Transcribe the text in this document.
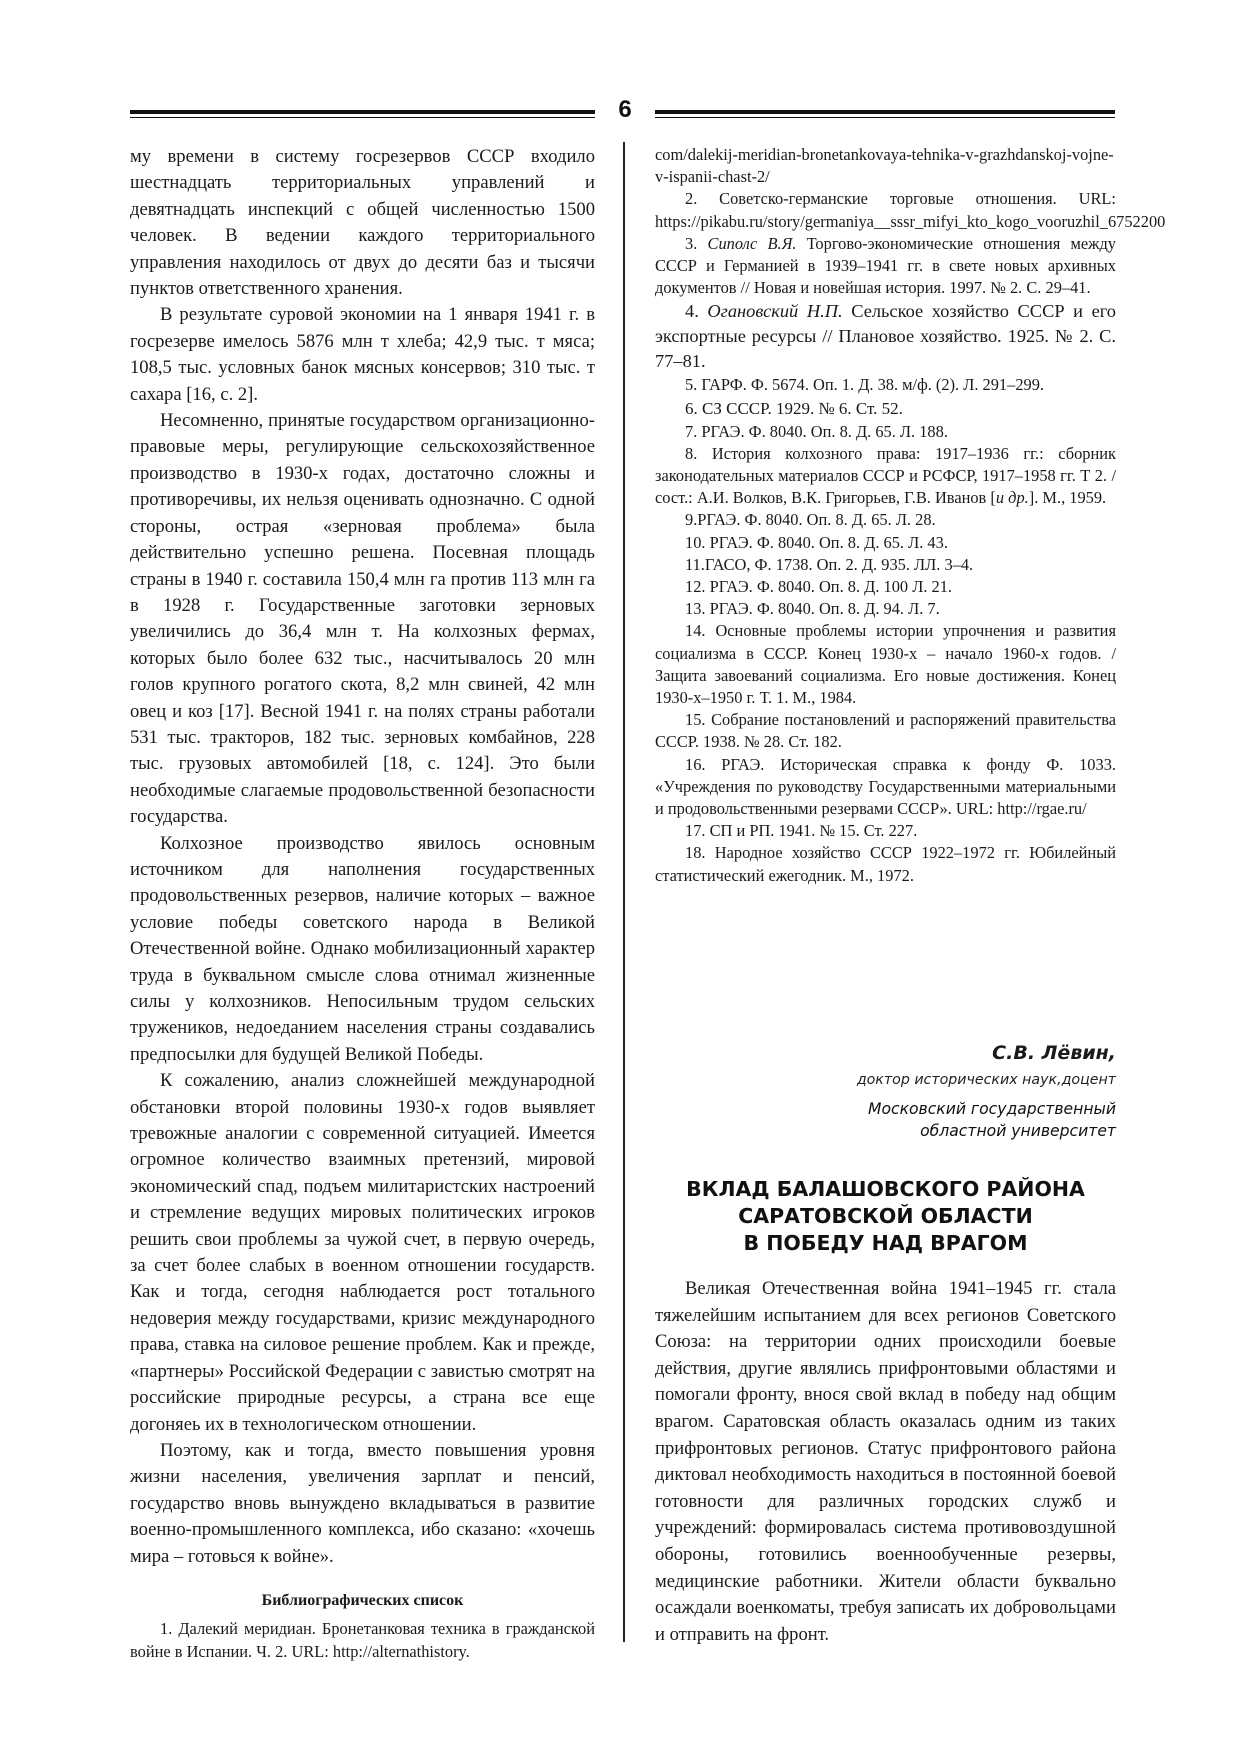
6

му времени в систему госрезервов СССР входило шестнадцать территориальных управлений и девятнадцать инспекций с общей численностью 1500 человек. В ведении каждого территориального управления находилось от двух до десяти баз и тысячи пунктов ответственного хранения.

В результате суровой экономии на 1 января 1941 г. в госрезерве имелось 5876 млн т хлеба; 42,9 тыс. т мяса; 108,5 тыс. условных банок мясных консервов; 310 тыс. т сахара [16, с. 2].

Несомненно, принятые государством организационно-правовые меры, регулирующие сельскохозяйственное производство в 1930-х годах, достаточно сложны и противоречивы, их нельзя оценивать однозначно. С одной стороны, острая «зерновая проблема» была действительно успешно решена. Посевная площадь страны в 1940 г. составила 150,4 млн га против 113 млн га в 1928 г. Государственные заготовки зерновых увеличились до 36,4 млн т. На колхозных фермах, которых было более 632 тыс., насчитывалось 20 млн голов крупного рогатого скота, 8,2 млн свиней, 42 млн овец и коз [17]. Весной 1941 г. на полях страны работали 531 тыс. тракторов, 182 тыс. зерновых комбайнов, 228 тыс. грузовых автомобилей [18, с. 124]. Это были необходимые слагаемые продовольственной безопасности государства.

Колхозное производство явилось основным источником для наполнения государственных продовольственных резервов, наличие которых – важное условие победы советского народа в Великой Отечественной войне. Однако мобилизационный характер труда в буквальном смысле слова отнимал жизненные силы у колхозников. Непосильным трудом сельских тружеников, недоеданием населения страны создавались предпосылки для будущей Великой Победы.

К сожалению, анализ сложнейшей международной обстановки второй половины 1930-х годов выявляет тревожные аналогии с современной ситуацией. Имеется огромное количество взаимных претензий, мировой экономический спад, подъем милитаристских настроений и стремление ведущих мировых политических игроков решить свои проблемы за чужой счет, в первую очередь, за счет более слабых в военном отношении государств. Как и тогда, сегодня наблюдается рост тотального недоверия между государствами, кризис международного права, ставка на силовое решение проблем. Как и прежде, «партнеры» Российской Федерации с завистью смотрят на российские природные ресурсы, а страна все еще догоняеь их в технологическом отношении.

Поэтому, как и тогда, вместо повышения уровня жизни населения, увеличения зарплат и пенсий, государство вновь вынуждено вкладываться в развитие военно-промышленного комплекса, ибо сказано: «хочешь мира – готовься к войне».

Библиографических список

1. Далекий меридиан. Бронетанковая техника в гражданской войне в Испании. Ч. 2. URL: http://alternathistory.

com/dalekij-meridian-bronetankovaya-tehnika-v-grazhdanskoj-vojne-v-ispanii-chast-2/

2. Советско-германские торговые отношения. URL: https://pikabu.ru/story/germaniya__sssr_mifyi_kto_kogo_vooruzhil_6752200

3. Сиполс В.Я. Торгово-экономические отношения между СССР и Германией в 1939–1941 гг. в свете новых архивных документов // Новая и новейшая история. 1997. № 2. С. 29–41.

4. Огановский Н.П. Сельское хозяйство СССР и его экспортные ресурсы // Плановое хозяйство. 1925. № 2. С. 77–81.

5. ГАРФ. Ф. 5674. Оп. 1. Д. 38. м/ф. (2). Л. 291–299.

6. СЗ СССР. 1929. № 6. Ст. 52.

7. РГАЭ. Ф. 8040. Оп. 8. Д. 65. Л. 188.

8. История колхозного права: 1917–1936 гг.: сборник законодательных материалов СССР и РСФСР, 1917–1958 гг. Т 2. / сост.: А.И. Волков, В.К. Григорьев, Г.В. Иванов [и др.]. М., 1959.

9.РГАЭ. Ф. 8040. Оп. 8. Д. 65. Л. 28.

10. РГАЭ. Ф. 8040. Оп. 8. Д. 65. Л. 43.

11.ГАСО, Ф. 1738. Оп. 2. Д. 935. ЛЛ. 3–4.

12. РГАЭ. Ф. 8040. Оп. 8. Д. 100 Л. 21.

13. РГАЭ. Ф. 8040. Оп. 8. Д. 94. Л. 7.

14. Основные проблемы истории упрочнения и развития социализма в СССР. Конец 1930-х – начало 1960-х годов. / Защита завоеваний социализма. Его новые достижения. Конец 1930-х–1950 г. Т. 1. М., 1984.

15. Собрание постановлений и распоряжений правительства СССР. 1938. № 28. Ст. 182.

16. РГАЭ. Историческая справка к фонду Ф. 1033. «Учреждения по руководству Государственными материальными и продовольственными резервами СССР». URL: http://rgae.ru/

17. СП и РП. 1941. № 15. Ст. 227.

18. Народное хозяйство СССР 1922–1972 гг. Юбилейный статистический ежегодник. М., 1972.

С.В. Лёвин,
доктор исторических наук,доцент
Московский государственный
областной университет
ВКЛАД БАЛАШОВСКОГО РАЙОНА
САРАТОВСКОЙ ОБЛАСТИ
В ПОБЕДУ НАД ВРАГОМ

Великая Отечественная война 1941–1945 гг. стала тяжелейшим испытанием для всех регионов Советского Союза: на территории одних происходили боевые действия, другие являлись прифронтовыми областями и помогали фронту, внося свой вклад в победу над общим врагом. Саратовская область оказалась одним из таких прифронтовых регионов. Статус прифронтового района диктовал необходимость находиться в постоянной боевой готовности для различных городских служб и учреждений: формировалась система противовоздушной обороны, готовились военнообученные резервы, медицинские работники. Жители области буквально осаждали военкоматы, требуя записать их добровольцами и отправить на фронт.
